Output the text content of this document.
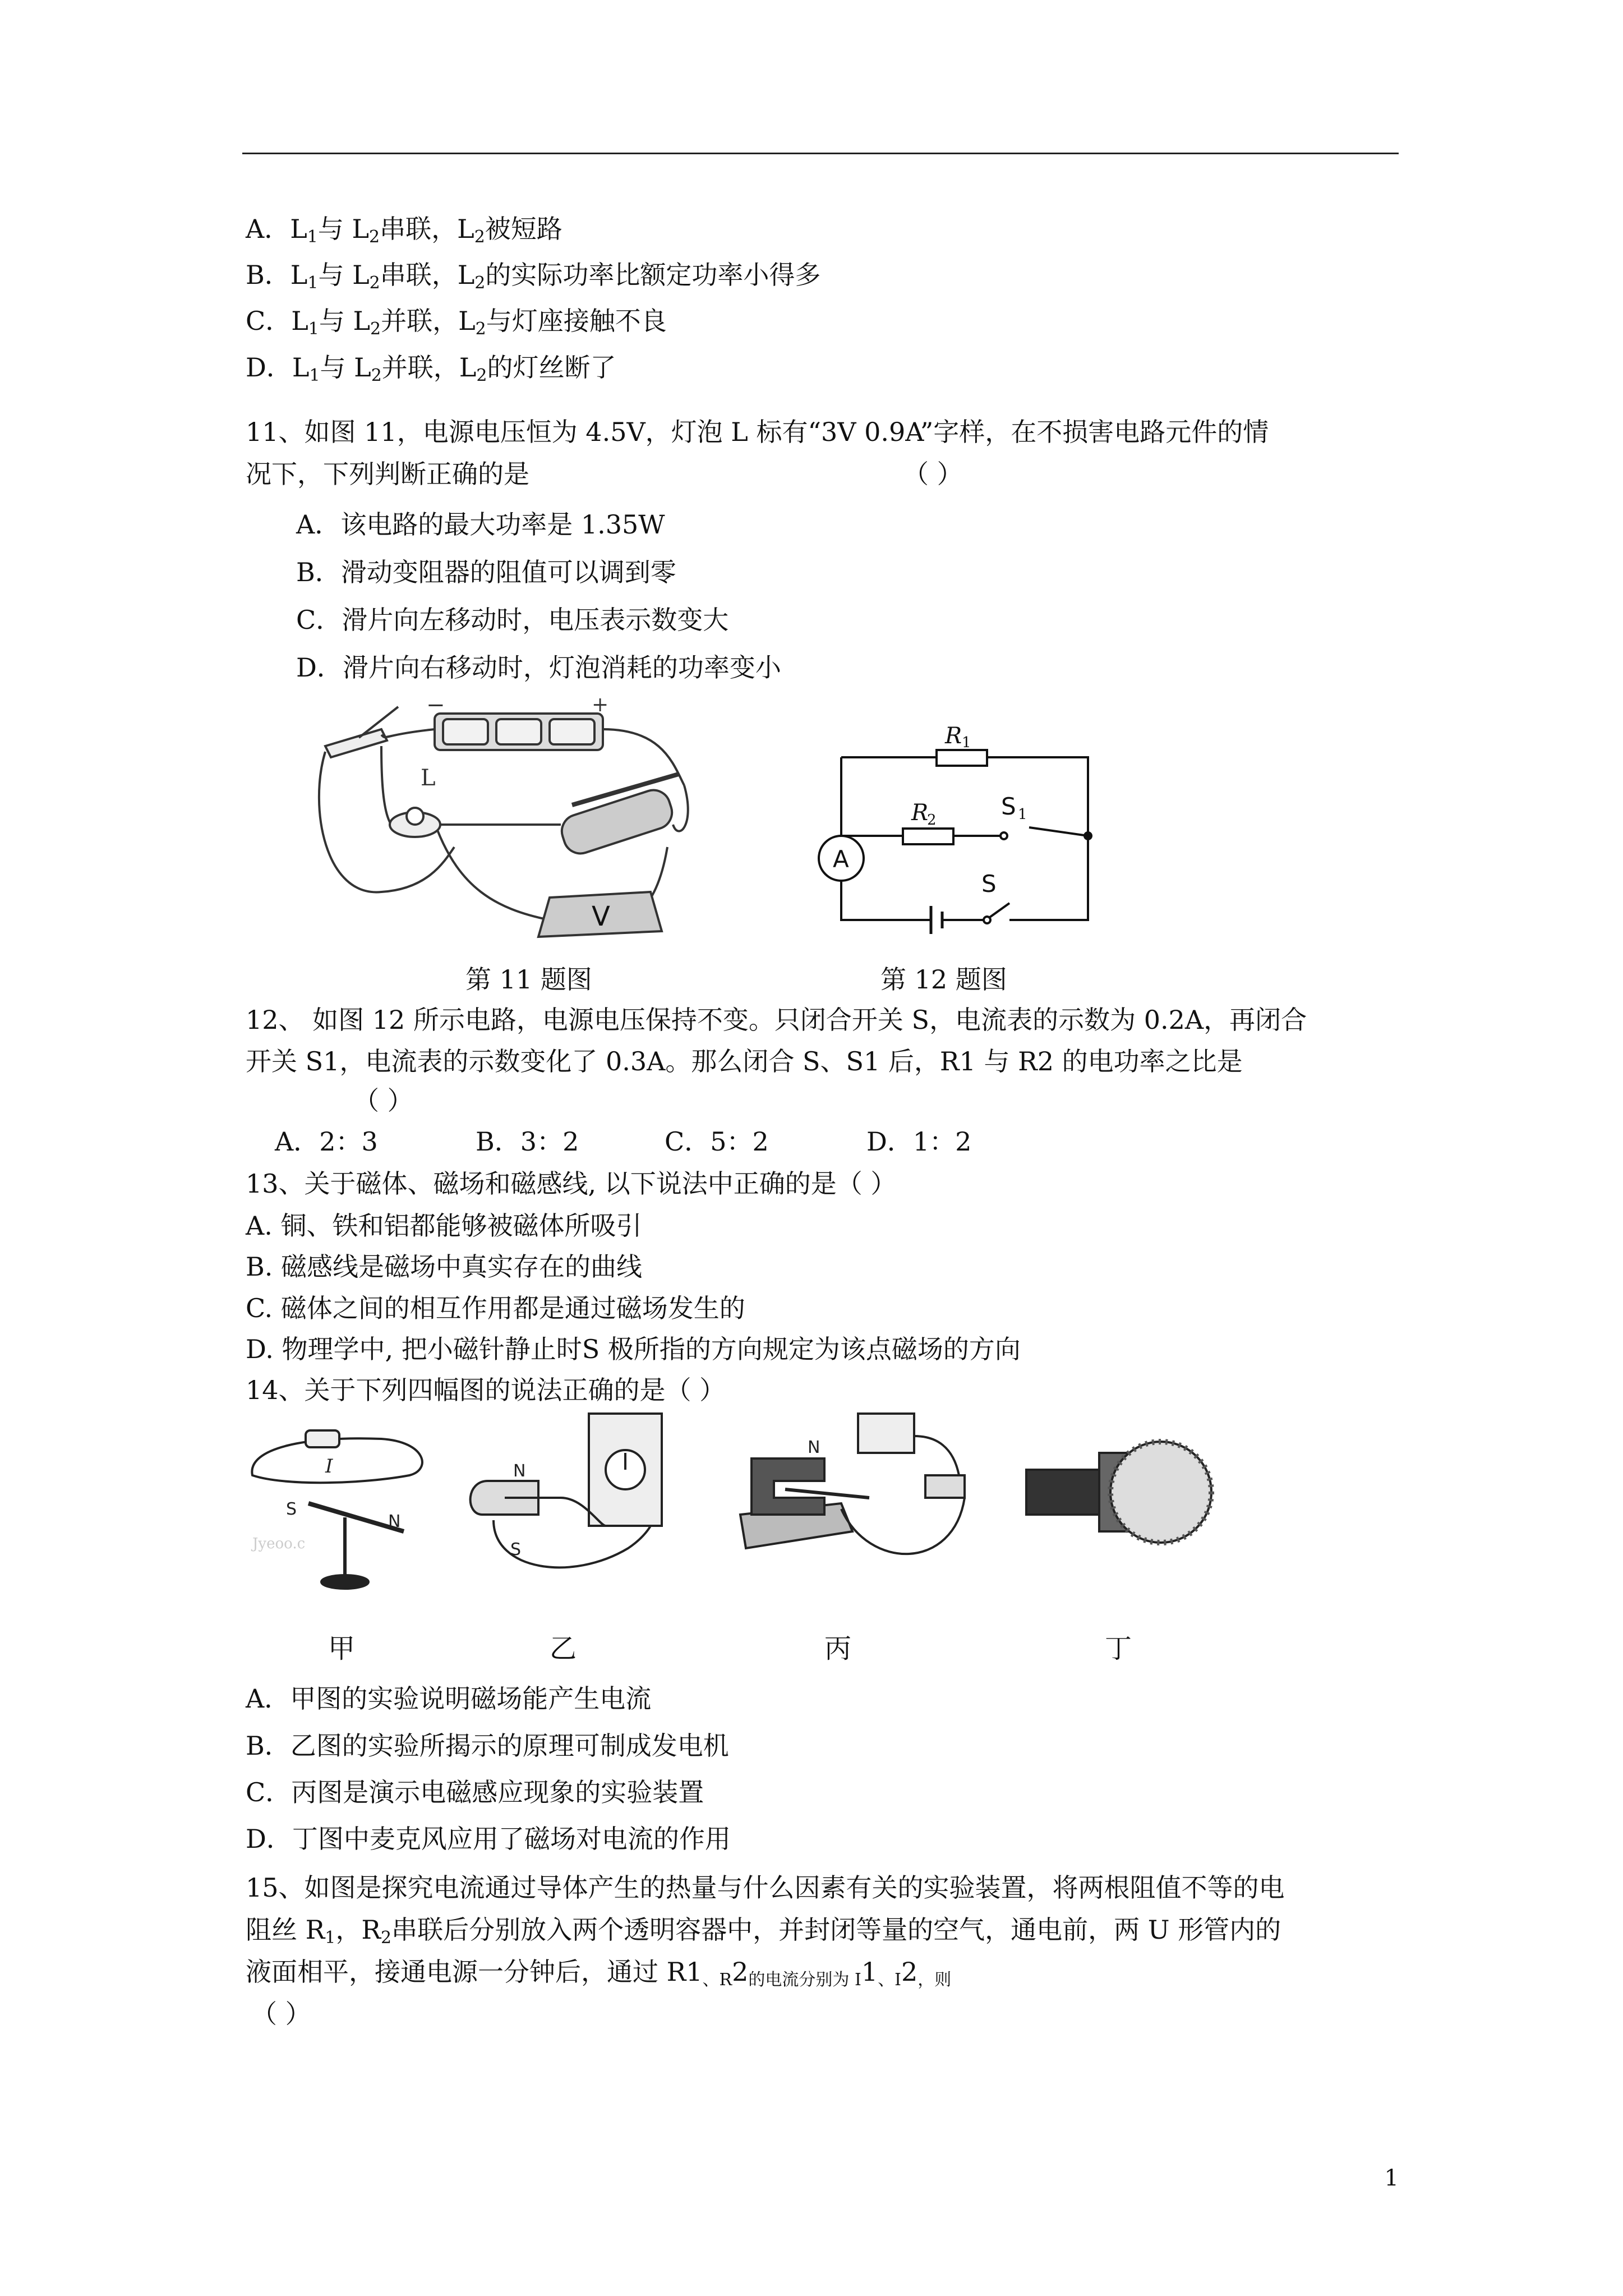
A．$L_1$与 $L_2$串联，$L_2$被短路
B．$L_1$与 $L_2$串联，$L_2$的实际功率比额定功率小得多
C．$L_1$与 $L_2$并联，$L_2$与灯座接触不良
D．$L_1$与 $L_2$并联，$L_2$的灯丝断了
11、如图 11，电源电压恒为 4.5V，灯泡 L 标有“3V 0.9A”字样，在不损害电路元件的情
况下，下列判断正确的是	（ ）
A．该电路的最大功率是 1.35W
B．滑动变阻器的阻值可以调到零
C．滑片向左移动时，电压表示数变大
D．滑片向右移动时，灯泡消耗的功率变小
−	+
L
V
R 1
R
2	S 1
A
S
第 11 题图	第 12 题图
12、 如图 12 所示电路，电源电压保持不变。只闭合开关 S，电流表的示数为 0.2A，再闭合
开关 S1，电流表的示数变化了 0.3A。那么闭合 S、S1 后，R1 与 R2 的电功率之比是
（ ）
A．2：3	B．3：2	C．5：2	D．1：2
13、关于磁体、磁场和磁感线, 以下说法中正确的是（ ）
A. 铜、铁和铝都能够被磁体所吸引
B. 磁感线是磁场中真实存在的曲线
C. 磁体之间的相互作用都是通过磁场发生的
D. 物理学中, 把小磁针静止时S 极所指的方向规定为该点磁场的方向
14、关于下列四幅图的说法正确的是（ ）
I
S
N
Jyeoo.c
N
S
N
甲	乙	丙	丁
A．甲图的实验说明磁场能产生电流
B．乙图的实验所揭示的原理可制成发电机
C．丙图是演示电磁感应现象的实验装置
D．丁图中麦克风应用了磁场对电流的作用
15、如图是探究电流通过导体产生的热量与什么因素有关的实验装置，将两根阻值不等的电
阻丝 $R_1$，$R_2$串联后分别放入两个透明容器中，并封闭等量的空气，通电前，两 U 形管内的
液面相平，接通电源一分钟后，通过 $R1_{、R}2_{的电流分别为 I}1_{、I}2_{,则}$
（ ）
1
